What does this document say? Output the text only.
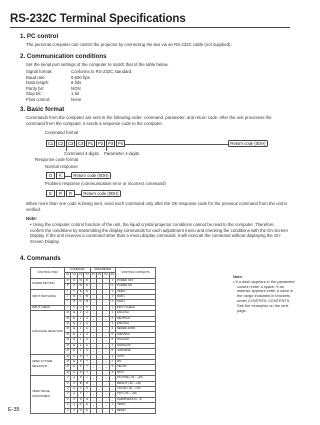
RS-232C Terminal Specifications
1. PC control
The personal computer can control the projector by connecting the two via an RS-232C cable (not supplied).
2. Communication conditions
Set the serial port settings of the computer to match that of the table below.
Signal format:	Conforms to RS-232C standard.
Baud rate:	9,600 bps
Data length:	8 bits
Parity bit:	NON
Stop bit:	1 bit
Flow control:	None
3. Basic format
Commands from the computer are sent in the following order: command, parameter, and return code. After the unit processes the command from the computer, it sends a response code to the computer.
Command format
C1	C2	C3	C4	P1	P2	P3	P4	Return code (0DH)
Command 4-digits Parameter 4-digits
Response code format
Normal response
O	K	Return code (0DH)
Problem response (communication error or incorrect command)
E	R	R	Return code (0DH)
When more than one code is being sent, send each command only after the OK response code for the previous command from the unit is verified.
Note:
• Using the computer control function of the unit, the liquid crystal projector conditions cannot be read to the computer. Therefore, confirm the conditions by transmitting the display commands for each adjustment menu and checking the conditions with the On-Screen Display. If the unit receives a command other than a menu display command, it will execute the command without displaying the On-Screen Display.
4. Commands
CONTROL ITEM	COMMAND				PARAMETER				CONTROL CONTENTS
	C1	C2	C3	C4	P1	P2	P3	P4	
POWER SETTING	P	O	W	R	_	_	_	1	POWER OFF
	P	O	W	R	_	_	_	0	POWER ON
INPUT SWITCHING	I	V	E	D	_	_	_	1	VIDEO
	I	R	G	B	_	_	_	1	RGB 1
	I	R	G	B	_	_	_	2	RGB 2
INPUT CHECK	I	C	H	K	_	_	_	1	INPUT CHECK
LANGUAGE SELECTION	M	E	L	A	_	_	_	1	ENGLISH
	M	E	L	A	_	_	_	2	DEUTSCH
	M	E	L	A	_	_	_	3	ESPAÑOL
	M	E	L	A	_	_	_	4	NEDERLANDS
	M	E	L	A	_	_	_	5	SVENSKA
	M	E	L	A	_	_	_	6	ITALIANO
	M	E	L	A	_	_	_	7	FRANÇAIS
	M	E	L	A	_	_	_	8	JAPANESE
VIDEO SYSTEM SELECTION	M	E	S	Y	_	_	_	1	AUTO
	M	E	S	Y	_	_	_	2	PAL
	M	E	S	Y	_	_	_	3	SECAM
	M	E	S	Y	_	_	_	4	NTSC
VIDEO IMAGE ADJUSTMENT	V	A	P	I	_	_	_	_	PICTURE (-30 – +30)
	V	A	B	R	_	_	_	_	BRIGHT (-30 – +30)
	V	A	C	O	_	_	_	_	COLOR (-30 – +30)
	V	A	T	I	_	_	_	_	TINT (-30 – +30)
	V	A	S	H	_	_	_	_	SHARPNESS (0 – 5)
	V	A	R	E	_	_	_	1	VIDEO
	V	A	R	E	_	_	_	1	RESET
Note:
• If a dash appears in the parameter column enter a space. If an asterisk appears enter a value in the range indicated in brackets under CONTROL CONTENTS. See the examples on the next page.
E-35
